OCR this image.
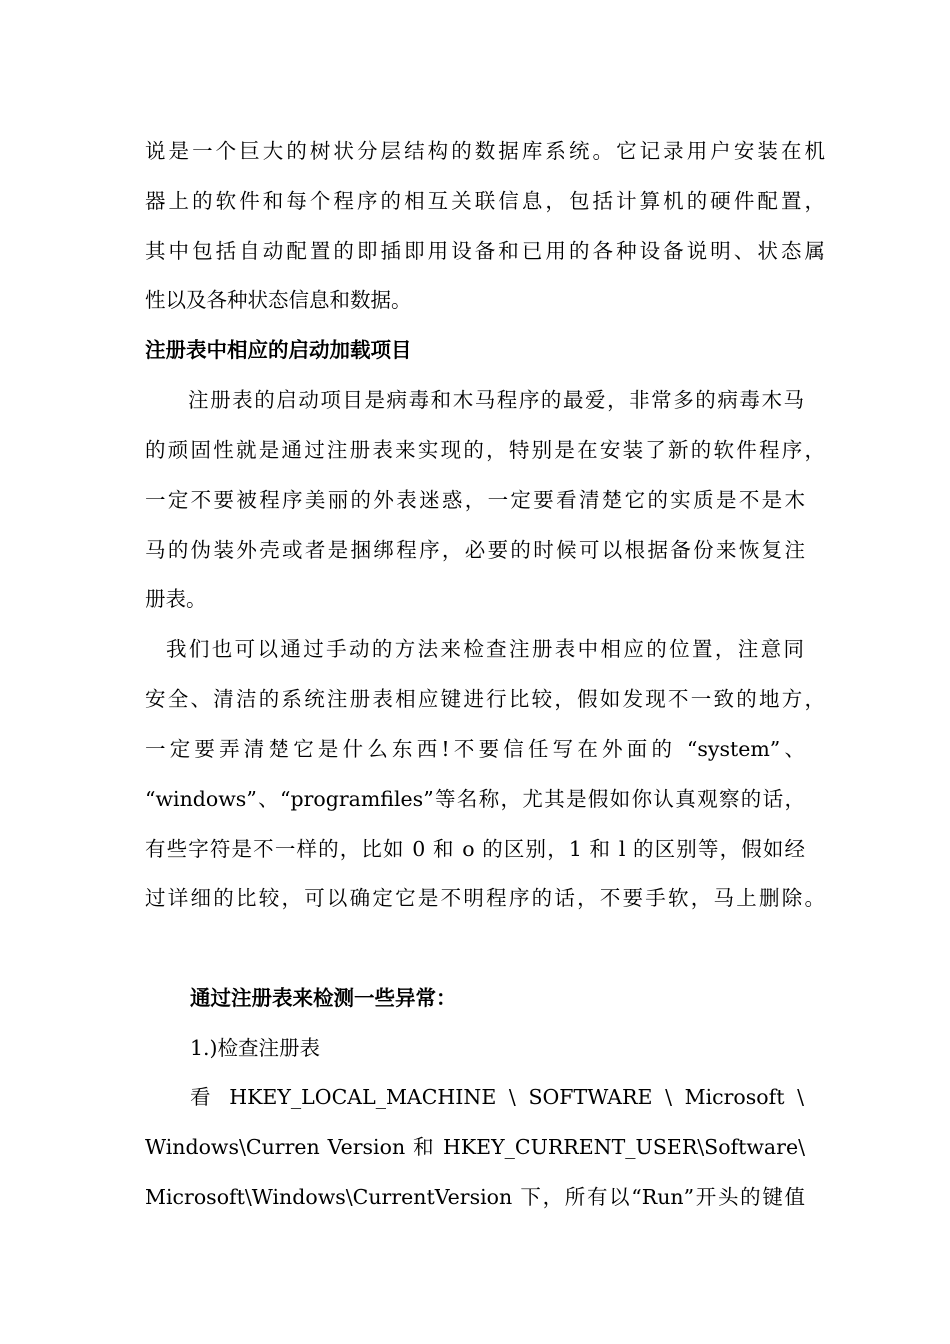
说是一个巨大的树状分层结构的数据库系统。它记录用户安装在机
器上的软件和每个程序的相互关联信息，包括计算机的硬件配置，
其中包括自动配置的即插即用设备和已用的各种设备说明、状态属
性以及各种状态信息和数据。
注册表中相应的启动加载项目
　注册表的启动项目是病毒和木马程序的最爱，非常多的病毒木马
的顽固性就是通过注册表来实现的，特别是在安装了新的软件程序，
一定不要被程序美丽的外表迷惑，一定要看清楚它的实质是不是木
马的伪装外壳或者是捆绑程序，必要的时候可以根据备份来恢复注
册表。
我们也可以通过手动的方法来检查注册表中相应的位置，注意同
安全、清洁的系统注册表相应键进行比较，假如发现不一致的地方，
一定要弄清楚它是什么东西!不要信任写在外面的 “system”、
“windows”、“programfiles”等名称，尤其是假如你认真观察的话，
有些字符是不一样的，比如 0 和 o 的区别，1 和 l 的区别等，假如经
过详细的比较，可以确定它是不明程序的话，不要手软，马上删除。
通过注册表来检测一些异常：
1.)检查注册表
看 HKEY_LOCAL_MACHINE \ SOFTWARE \ Microsoft \
Windows\Curren Version 和 HKEY_CURRENT_USER\Software\
Microsoft\Windows\CurrentVersion 下，所有以“Run”开头的键值
